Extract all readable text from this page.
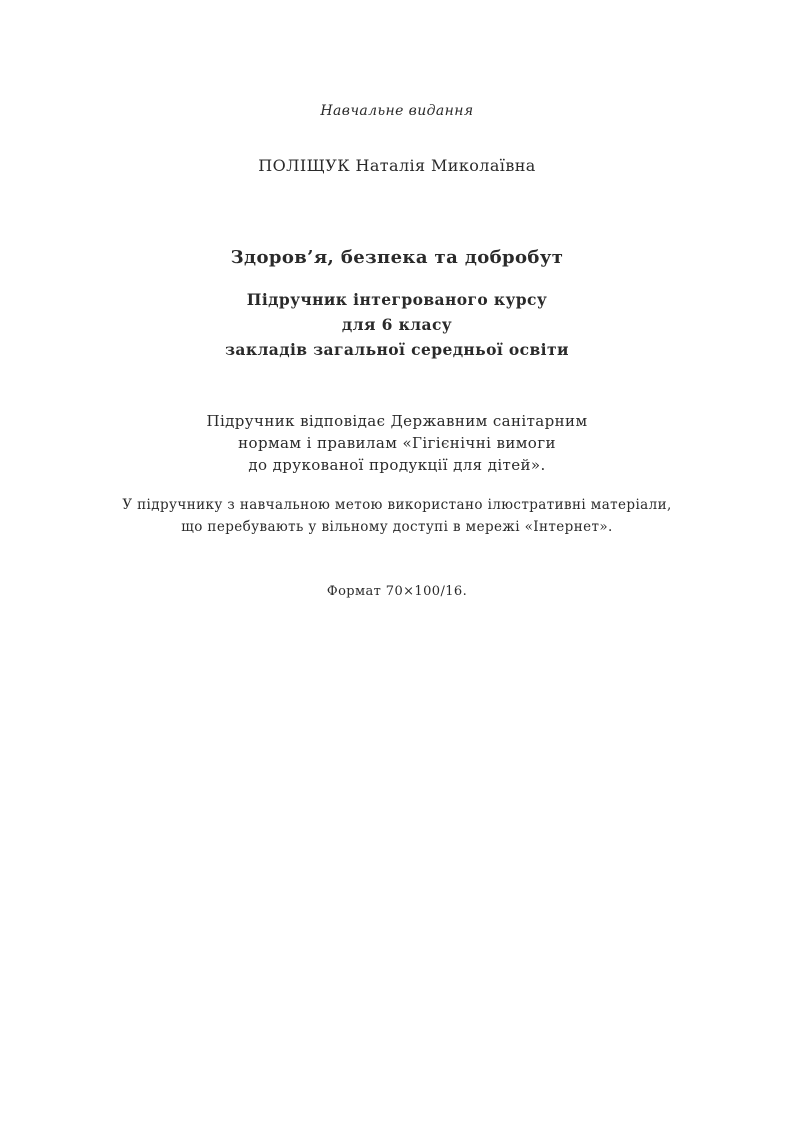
Навчальне видання
ПОЛІЩУК Наталія Миколаївна
Здоров’я, безпека та добробут
Підручник інтегрованого курсу
для 6 класу
закладів загальної середньої освіти
Підручник відповідає Державним санітарним
нормам і правилам «Гігієнічні вимоги
до друкованої продукції для дітей».
У підручнику з навчальною метою використано ілюстративні матеріали,
що перебувають у вільному доступі в мережі «Інтернет».
Формат 70×100/16.
